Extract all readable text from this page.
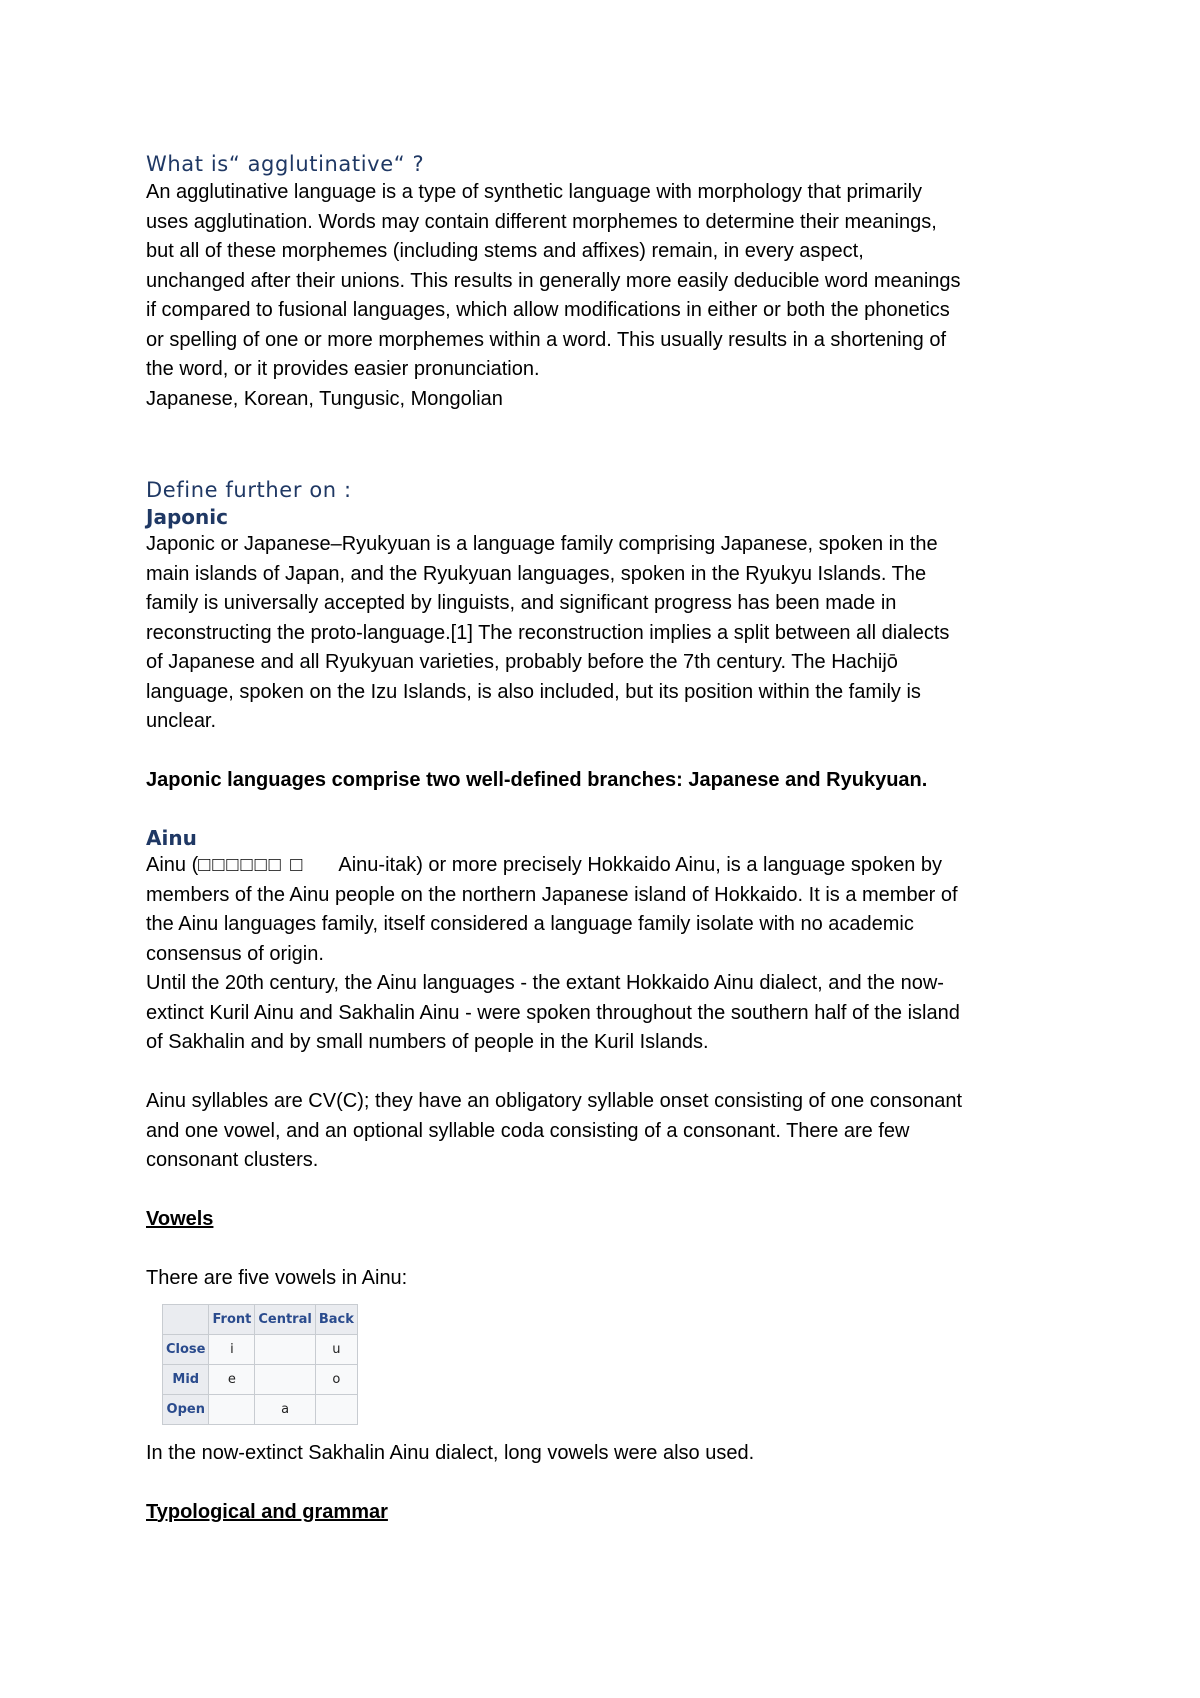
What is“ agglutinative“ ?

An agglutinative language is a type of synthetic language with morphology that primarily

uses agglutination. Words may contain different morphemes to determine their meanings,

but all of these morphemes (including stems and affixes) remain, in every aspect,

unchanged after their unions. This results in generally more easily deducible word meanings

if compared to fusional languages, which allow modifications in either or both the phonetics

or spelling of one or more morphemes within a word. This usually results in a shortening of

the word, or it provides easier pronunciation.

Japanese, Korean, Tungusic, Mongolian

Define further on :
Japonic

Japonic or Japanese–Ryukyuan is a language family comprising Japanese, spoken in the

main islands of Japan, and the Ryukyuan languages, spoken in the Ryukyu Islands. The

family is universally accepted by linguists, and significant progress has been made in

reconstructing the proto-language.[1] The reconstruction implies a split between all dialects

of Japanese and all Ryukyuan varieties, probably before the 7th century. The Hachijō

language, spoken on the Izu Islands, is also included, but its position within the family is

unclear.

Japonic languages comprise two well-defined branches: Japanese and Ryukyuan.

Ainu

Ainu (□□□□□□ □ Ainu-itak) or more precisely Hokkaido Ainu, is a language spoken by

members of the Ainu people on the northern Japanese island of Hokkaido. It is a member of

the Ainu languages family, itself considered a language family isolate with no academic

consensus of origin.

Until the 20th century, the Ainu languages - the extant Hokkaido Ainu dialect, and the now-

extinct Kuril Ainu and Sakhalin Ainu - were spoken throughout the southern half of the island

of Sakhalin and by small numbers of people in the Kuril Islands.

Ainu syllables are CV(C); they have an obligatory syllable onset consisting of one consonant

and one vowel, and an optional syllable coda consisting of a consonant. There are few

consonant clusters.

Vowels

There are five vowels in Ainu:

	Front	Central	Back
Close	i		u
Mid	e		o
Open		a	

In the now-extinct Sakhalin Ainu dialect, long vowels were also used.

Typological and grammar
